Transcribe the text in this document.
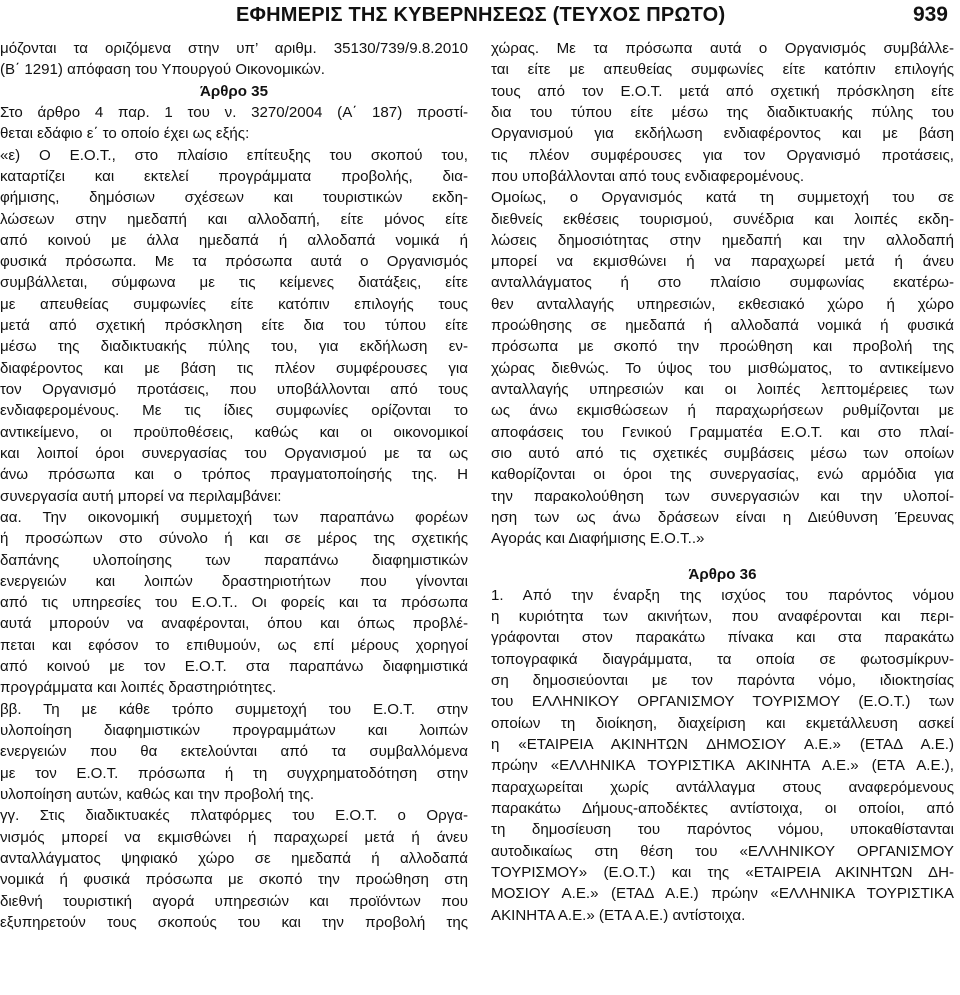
ΕΦΗΜΕΡΙΣ ΤΗΣ ΚΥΒΕΡΝΗΣΕΩΣ (ΤΕΥΧΟΣ ΠΡΩΤΟ)	939
μόζονται τα οριζόμενα στην υπ’ αριθμ. 35130/739/9.8.2010
(Β΄ 1291) απόφαση του Υπουργού Οικονομικών.
Άρθρο 35
Στο άρθρο 4 παρ. 1 του ν. 3270/2004 (Α΄ 187) προστί-
θεται εδάφιο ε΄ το οποίο έχει ως εξής:
«ε) Ο Ε.Ο.Τ., στο πλαίσιο επίτευξης του σκοπού του,
καταρτίζει και εκτελεί προγράμματα προβολής, δια-
φήμισης, δημόσιων σχέσεων και τουριστικών εκδη-
λώσεων στην ημεδαπή και αλλοδαπή, είτε μόνος είτε
από κοινού με άλλα ημεδαπά ή αλλοδαπά νομικά ή
φυσικά πρόσωπα. Με τα πρόσωπα αυτά ο Οργανισμός
συμβάλλεται, σύμφωνα με τις κείμενες διατάξεις, είτε
με απευθείας συμφωνίες είτε κατόπιν επιλογής τους
μετά από σχετική πρόσκληση είτε δια του τύπου είτε
μέσω της διαδικτυακής πύλης του, για εκδήλωση εν-
διαφέροντος και με βάση τις πλέον συμφέρουσες για
τον Οργανισμό προτάσεις, που υποβάλλονται από τους
ενδιαφερομένους. Με τις ίδιες συμφωνίες ορίζονται το
αντικείμενο, οι προϋποθέσεις, καθώς και οι οικονομικοί
και λοιποί όροι συνεργασίας του Οργανισμού με τα ως
άνω πρόσωπα και ο τρόπος πραγματοποίησής της. Η
συνεργασία αυτή μπορεί να περιλαμβάνει:
αα. Την οικονομική συμμετοχή των παραπάνω φορέων
ή προσώπων στο σύνολο ή και σε μέρος της σχετικής
δαπάνης υλοποίησης των παραπάνω διαφημιστικών
ενεργειών και λοιπών δραστηριοτήτων που γίνονται
από τις υπηρεσίες του Ε.Ο.Τ.. Οι φορείς και τα πρόσωπα
αυτά μπορούν να αναφέρονται, όπου και όπως προβλέ-
πεται και εφόσον το επιθυμούν, ως επί μέρους χορηγοί
από κοινού με τον Ε.Ο.Τ. στα παραπάνω διαφημιστικά
προγράμματα και λοιπές δραστηριότητες.
ββ. Τη με κάθε τρόπο συμμετοχή του Ε.Ο.Τ. στην
υλοποίηση διαφημιστικών προγραμμάτων και λοιπών
ενεργειών που θα εκτελούνται από τα συμβαλλόμενα
με τον Ε.Ο.Τ. πρόσωπα ή τη συγχρηματοδότηση στην
υλοποίηση αυτών, καθώς και την προβολή της.
γγ. Στις διαδικτυακές πλατφόρμες του Ε.Ο.Τ. ο Οργα-
νισμός μπορεί να εκμισθώνει ή παραχωρεί μετά ή άνευ
ανταλλάγματος ψηφιακό χώρο σε ημεδαπά ή αλλοδαπά
νομικά ή φυσικά πρόσωπα με σκοπό την προώθηση στη
διεθνή τουριστική αγορά υπηρεσιών και προϊόντων που
εξυπηρετούν τους σκοπούς του και την προβολή της
χώρας. Με τα πρόσωπα αυτά ο Οργανισμός συμβάλλε-
ται είτε με απευθείας συμφωνίες είτε κατόπιν επιλογής
τους από τον Ε.Ο.Τ. μετά από σχετική πρόσκληση είτε
δια του τύπου είτε μέσω της διαδικτυακής πύλης του
Οργανισμού για εκδήλωση ενδιαφέροντος και με βάση
τις πλέον συμφέρουσες για τον Οργανισμό προτάσεις,
που υποβάλλονται από τους ενδιαφερομένους.
Ομοίως, ο Οργανισμός κατά τη συμμετοχή του σε
διεθνείς εκθέσεις τουρισμού, συνέδρια και λοιπές εκδη-
λώσεις δημοσιότητας στην ημεδαπή και την αλλοδαπή
μπορεί να εκμισθώνει ή να παραχωρεί μετά ή άνευ
ανταλλάγματος ή στο πλαίσιο συμφωνίας εκατέρω-
θεν ανταλλαγής υπηρεσιών, εκθεσιακό χώρο ή χώρο
προώθησης σε ημεδαπά ή αλλοδαπά νομικά ή φυσικά
πρόσωπα με σκοπό την προώθηση και προβολή της
χώρας διεθνώς. Το ύψος του μισθώματος, το αντικείμενο
ανταλλαγής υπηρεσιών και οι λοιπές λεπτομέρειες των
ως άνω εκμισθώσεων ή παραχωρήσεων ρυθμίζονται με
αποφάσεις του Γενικού Γραμματέα Ε.Ο.Τ. και στο πλαί-
σιο αυτό από τις σχετικές συμβάσεις μέσω των οποίων
καθορίζονται οι όροι της συνεργασίας, ενώ αρμόδια για
την παρακολούθηση των συνεργασιών και την υλοποί-
ηση των ως άνω δράσεων είναι η Διεύθυνση Έρευνας
Αγοράς και Διαφήμισης Ε.Ο.Τ..»
Άρθρο 36
1. Από την έναρξη της ισχύος του παρόντος νόμου
η κυριότητα των ακινήτων, που αναφέρονται και περι-
γράφονται στον παρακάτω πίνακα και στα παρακάτω
τοπογραφικά διαγράμματα, τα οποία σε φωτοσμίκρυν-
ση δημοσιεύονται με τον παρόντα νόμο, ιδιοκτησίας
του ΕΛΛΗΝΙΚΟΥ ΟΡΓΑΝΙΣΜΟΥ ΤΟΥΡΙΣΜΟΥ (Ε.Ο.Τ.) των
οποίων τη διοίκηση, διαχείριση και εκμετάλλευση ασκεί
η «ΕΤΑΙΡΕΙΑ ΑΚΙΝΗΤΩΝ ΔΗΜΟΣΙΟΥ Α.Ε.» (ΕΤΑΔ Α.Ε.)
πρώην «ΕΛΛΗΝΙΚΑ ΤΟΥΡΙΣΤΙΚΑ ΑΚΙΝΗΤΑ Α.Ε.» (ΕΤΑ Α.Ε.),
παραχωρείται χωρίς αντάλλαγμα στους αναφερόμενους
παρακάτω Δήμους-αποδέκτες αντίστοιχα, οι οποίοι, από
τη δημοσίευση του παρόντος νόμου, υποκαθίστανται
αυτοδικαίως στη θέση του «ΕΛΛΗΝΙΚΟΥ ΟΡΓΑΝΙΣΜΟΥ
ΤΟΥΡΙΣΜΟΥ» (Ε.Ο.Τ.) και της «ΕΤΑΙΡΕΙΑ ΑΚΙΝΗΤΩΝ ΔΗ-
ΜΟΣΙΟΥ Α.Ε.» (ΕΤΑΔ Α.Ε.) πρώην «ΕΛΛΗΝΙΚΑ ΤΟΥΡΙΣΤΙΚΑ
ΑΚΙΝΗΤΑ Α.Ε.» (ΕΤΑ Α.Ε.) αντίστοιχα.
